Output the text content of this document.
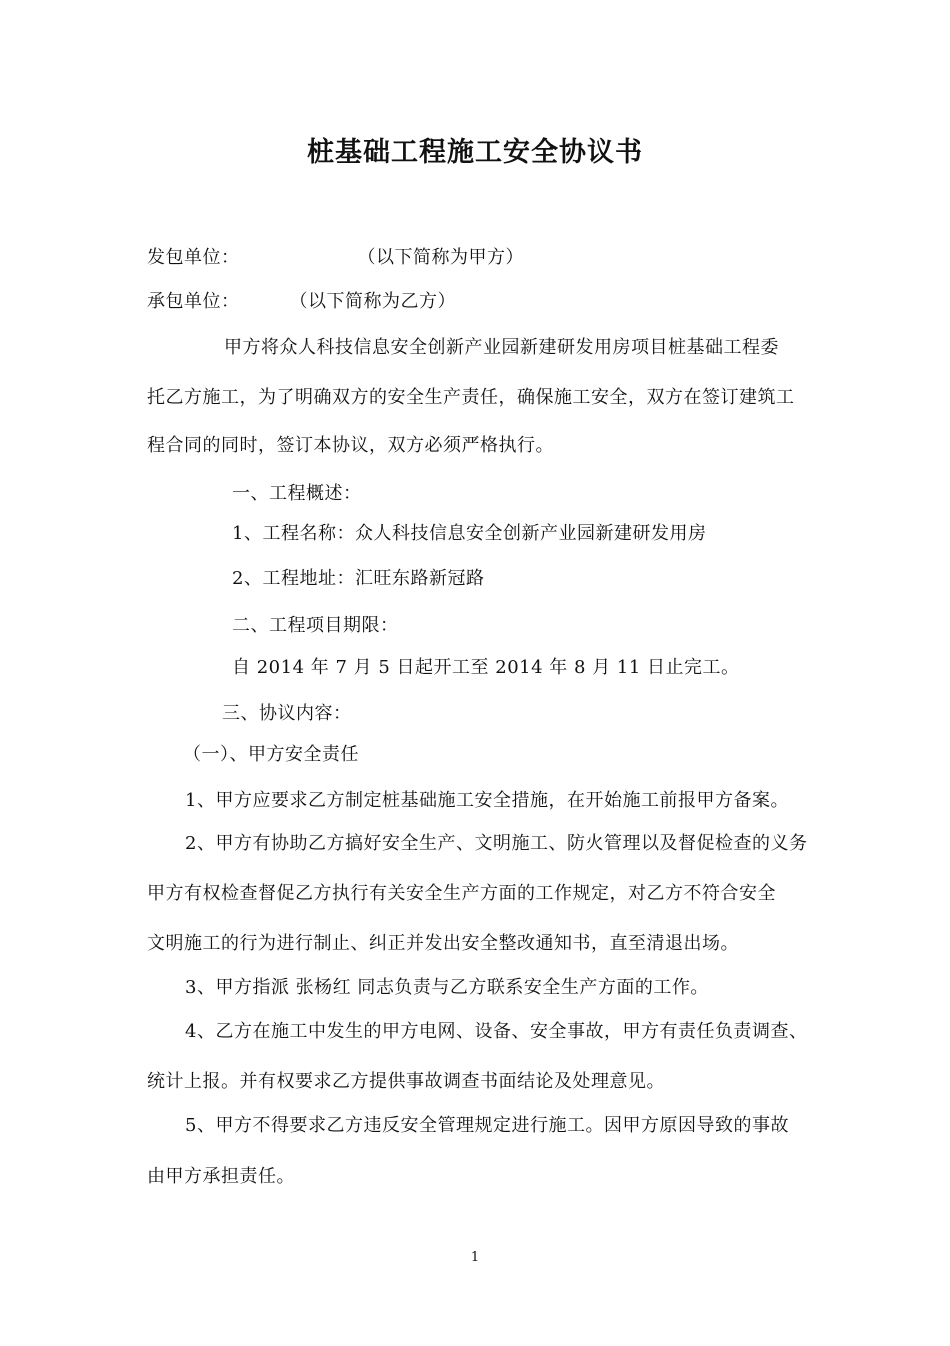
桩基础工程施工安全协议书
发包单位：	（以下简称为甲方）
承包单位：	（以下简称为乙方）
甲方将众人科技信息安全创新产业园新建研发用房项目桩基础工程委
托乙方施工，为了明确双方的安全生产责任，确保施工安全，双方在签订建筑工
程合同的同时，签订本协议，双方必须严格执行。
一、工程概述：
1、工程名称：众人科技信息安全创新产业园新建研发用房
2、工程地址：汇旺东路新冠路
二、工程项目期限：
自 2014 年 7 月 5 日起开工至 2014 年 8 月 11 日止完工。
三、协议内容：
（一）、甲方安全责任
1、甲方应要求乙方制定桩基础施工安全措施，在开始施工前报甲方备案。
2、甲方有协助乙方搞好安全生产、文明施工、防火管理以及督促检查的义务
甲方有权检查督促乙方执行有关安全生产方面的工作规定，对乙方不符合安全
文明施工的行为进行制止、纠正并发出安全整改通知书，直至清退出场。
3、甲方指派 张杨红 同志负责与乙方联系安全生产方面的工作。
4、乙方在施工中发生的甲方电网、设备、安全事故，甲方有责任负责调查、
统计上报。并有权要求乙方提供事故调查书面结论及处理意见。
5、甲方不得要求乙方违反安全管理规定进行施工。因甲方原因导致的事故
由甲方承担责任。
1
